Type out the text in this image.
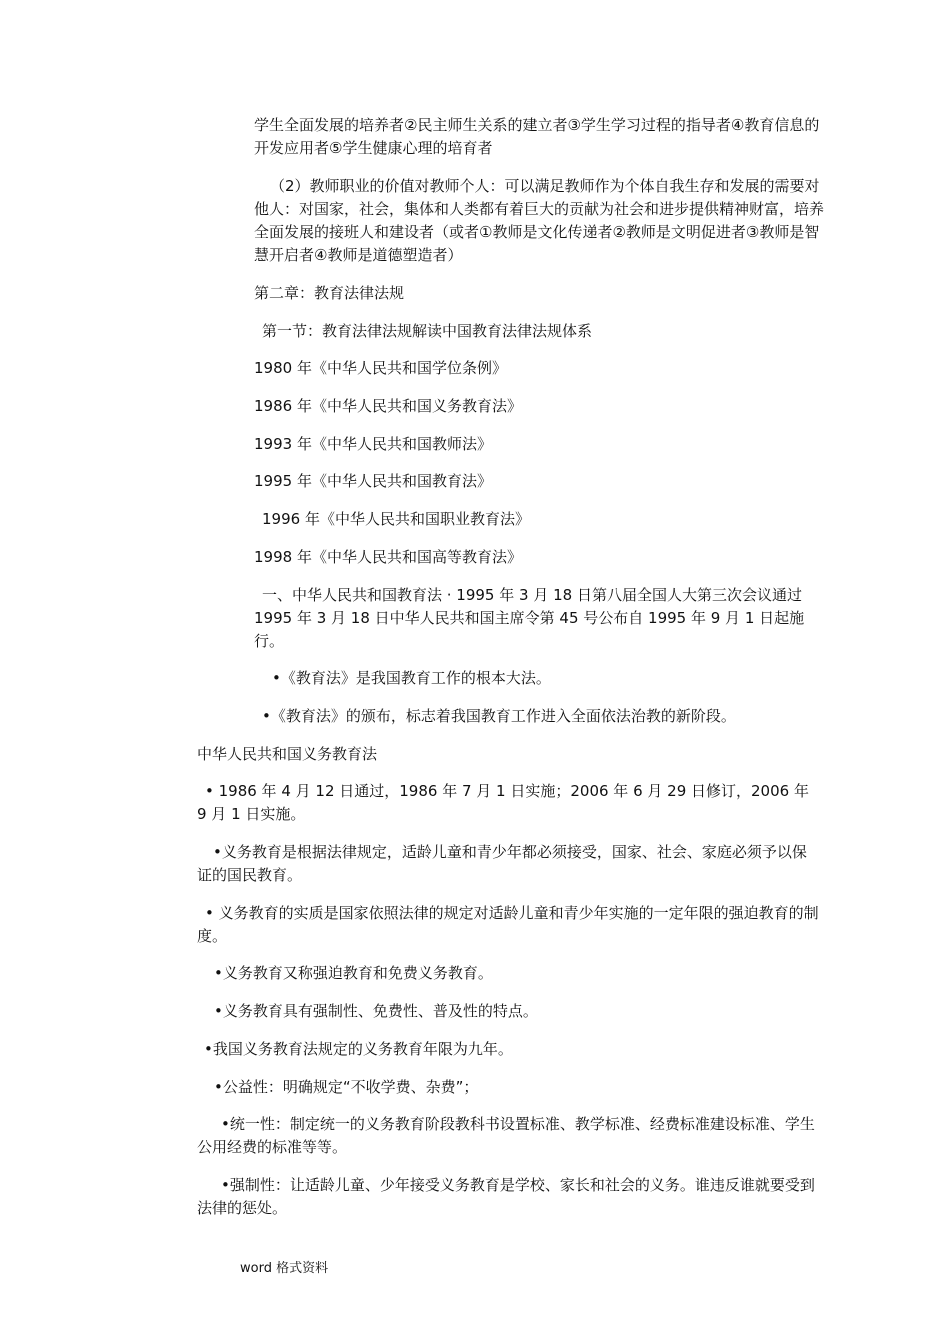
学生全面发展的培养者②民主师生关系的建立者③学生学习过程的指导者④教育信息的开发应用者⑤学生健康心理的培育者

（2）教师职业的价值对教师个人：可以满足教师作为个体自我生存和发展的需要对他人：对国家，社会，集体和人类都有着巨大的贡献为社会和进步提供精神财富，培养全面发展的接班人和建设者（或者①教师是文化传递者②教师是文明促进者③教师是智慧开启者④教师是道德塑造者）

第二章：教育法律法规

第一节：教育法律法规解读中国教育法律法规体系

1980 年《中华人民共和国学位条例》

1986 年《中华人民共和国义务教育法》

1993 年《中华人民共和国教师法》

1995 年《中华人民共和国教育法》

1996 年《中华人民共和国职业教育法》

1998 年《中华人民共和国高等教育法》

一、中华人民共和国教育法 · 1995 年 3 月 18 日第八届全国人大第三次会议通过 1995 年 3 月 18 日中华人民共和国主席令第 45 号公布自 1995 年 9 月 1 日起施行。

•《教育法》是我国教育工作的根本大法。

•《教育法》的颁布，标志着我国教育工作进入全面依法治教的新阶段。

中华人民共和国义务教育法

• 1986 年 4 月 12 日通过，1986 年 7 月 1 日实施；2006 年 6 月 29 日修订，2006 年 9 月 1 日实施。

•义务教育是根据法律规定，适龄儿童和青少年都必须接受，国家、社会、家庭必须予以保证的国民教育。

• 义务教育的实质是国家依照法律的规定对适龄儿童和青少年实施的一定年限的强迫教育的制度。

•义务教育又称强迫教育和免费义务教育。

•义务教育具有强制性、免费性、普及性的特点。

•我国义务教育法规定的义务教育年限为九年。

•公益性：明确规定“不收学费、杂费”；

•统一性：制定统一的义务教育阶段教科书设置标准、教学标准、经费标准建设标准、学生公用经费的标准等等。

•强制性：让适龄儿童、少年接受义务教育是学校、家长和社会的义务。谁违反谁就要受到法律的惩处。

word 格式资料
